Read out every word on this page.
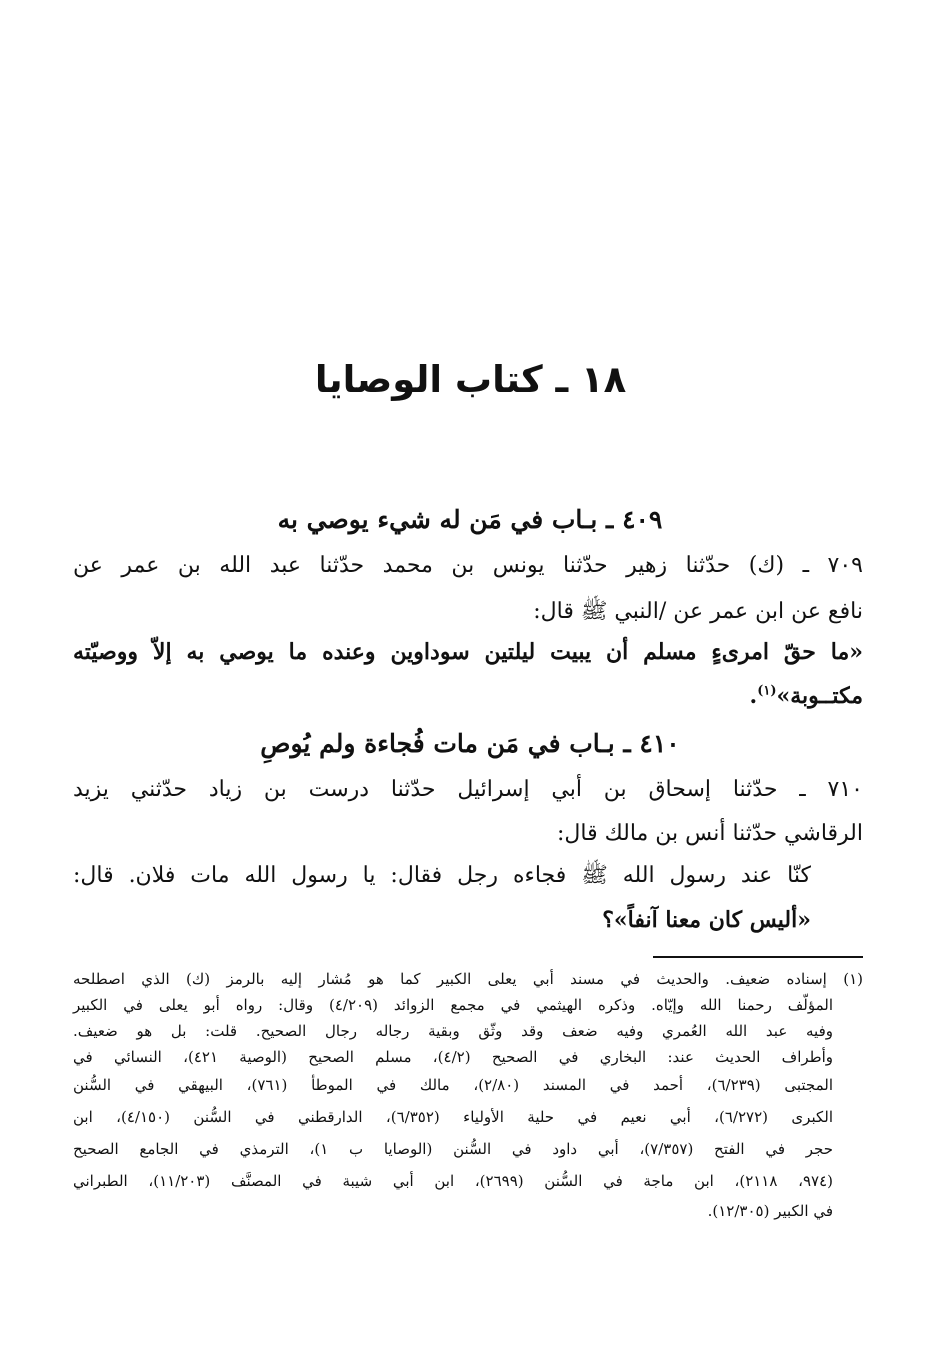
١٨ ـ كتاب الوصايا
٤٠٩ ـ بـاب في مَن له شيء يوصي به

٧٠٩ ـ (ك) حدّثنا زهير حدّثنا يونس بن محمد حدّثنا عبد الله بن عمر عن

نافع عن ابن عمر عن /النبي ﷺ قال:

«ما حقّ امرىءٍ مسلم أن يبيت ليلتين سوداوين وعنده ما يوصي به إلاّ ووصيّته

مكتــوبة»$^{(١)}$.

٤١٠ ـ بـاب في مَن مات فُجاءة ولم يُوصِ

٧١٠ ـ حدّثنا إسحاق بن أبي إسرائيل حدّثنا درست بن زياد حدّثني يزيد

الرقاشي حدّثنا أنس بن مالك قال:

كنّا عند رسول الله ﷺ فجاءه رجل فقال: يا رسول الله مات فلان. قال:

«أليس كان معنا آنفاً»؟

(١) إسناده ضعيف. والحديث في مسند أبي يعلى الكبير كما هو مُشار إليه بالرمز (ك) الذي اصطلحه

المؤلّف رحمنا الله وإيّاه. وذكره الهيثمي في مجمع الزوائد (٤/٢٠٩) وقال: رواه أبو يعلى في الكبير

وفيه عبد الله العُمري وفيه ضعف وقد وثّق وبقية رجاله رجال الصحيح. قلت: بل هو ضعيف.

وأطراف الحديث عند: البخاري في الصحيح (٤/٢)، مسلم الصحيح (الوصية ٤٢١)، النسائي في

المجتبى (٦/٢٣٩)، أحمد في المسند (٢/٨٠)، مالك في الموطأ (٧٦١)، البيهقي في السُّنن

الكبرى (٦/٢٧٢)، أبي نعيم في حلية الأولياء (٦/٣٥٢)، الدارقطني في السُّنن (٤/١٥٠)، ابن

حجر في الفتح (٧/٣٥٧)، أبي داود في السُّنن (الوصايا ب ١)، الترمذي في الجامع الصحيح

(٩٧٤، ٢١١٨)، ابن ماجة في السُّنن (٢٦٩٩)، ابن أبي شيبة في المصنَّف (١١/٢٠٣)، الطبراني

في الكبير (١٢/٣٠٥).
